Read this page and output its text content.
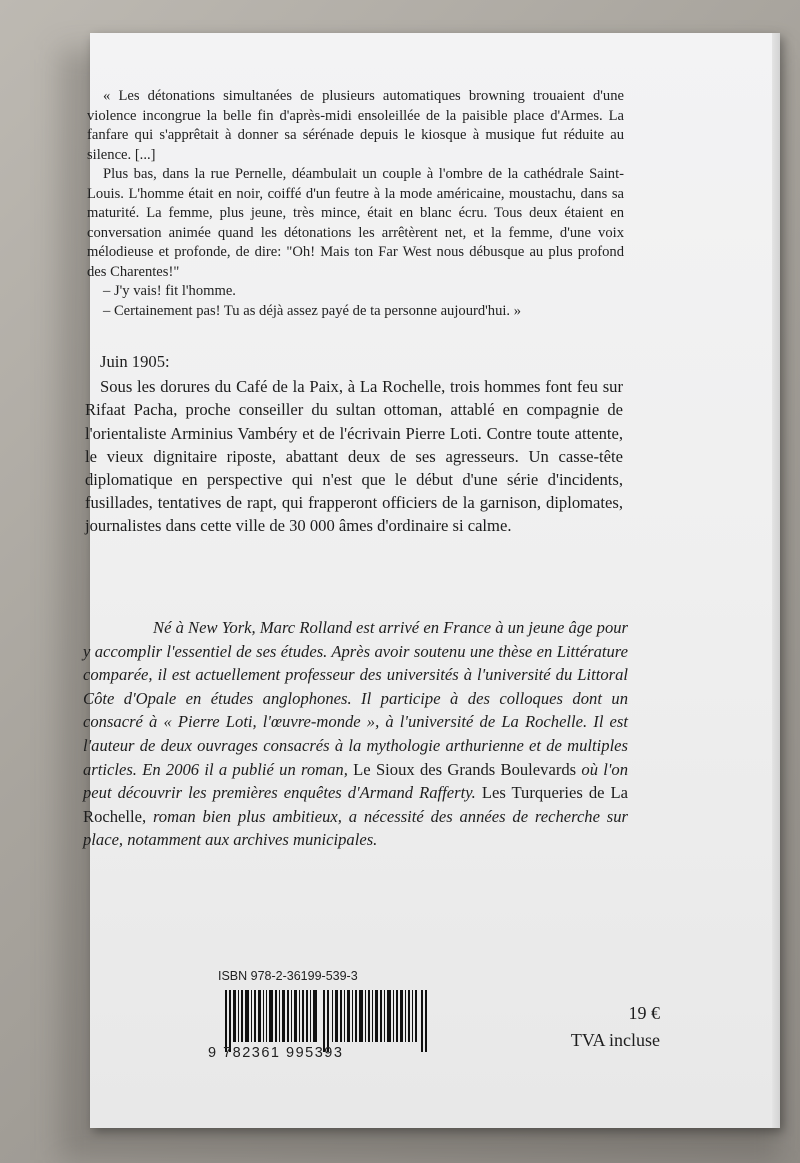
« Les détonations simultanées de plusieurs automatiques browning trouaient d'une violence incongrue la belle fin d'après-midi ensoleillée de la paisible place d'Armes. La fanfare qui s'apprêtait à donner sa sérénade depuis le kiosque à musique fut réduite au silence. [...]

Plus bas, dans la rue Pernelle, déambulait un couple à l'ombre de la cathédrale Saint-Louis. L'homme était en noir, coiffé d'un feutre à la mode américaine, moustachu, dans sa maturité. La femme, plus jeune, très mince, était en blanc écru. Tous deux étaient en conversation animée quand les détonations les arrêtèrent net, et la femme, d'une voix mélodieuse et profonde, de dire: "Oh! Mais ton Far West nous débusque au plus profond des Charentes!"

– J'y vais! fit l'homme.

– Certainement pas! Tu as déjà assez payé de ta personne aujourd'hui. »

Juin 1905:

Sous les dorures du Café de la Paix, à La Rochelle, trois hommes font feu sur Rifaat Pacha, proche conseiller du sultan ottoman, attablé en compagnie de l'orientaliste Arminius Vambéry et de l'écrivain Pierre Loti. Contre toute attente, le vieux dignitaire riposte, abattant deux de ses agresseurs. Un casse-tête diplomatique en perspective qui n'est que le début d'une série d'incidents, fusillades, tentatives de rapt, qui frapperont officiers de la garnison, diplomates, journalistes dans cette ville de 30 000 âmes d'ordinaire si calme.

Né à New York, Marc Rolland est arrivé en France à un jeune âge pour y accomplir l'essentiel de ses études. Après avoir soutenu une thèse en Littérature comparée, il est actuellement professeur des universités à l'université du Littoral Côte d'Opale en études anglophones. Il participe à des colloques dont un consacré à « Pierre Loti, l'œuvre-monde », à l'université de La Rochelle. Il est l'auteur de deux ouvrages consacrés à la mythologie arthurienne et de multiples articles. En 2006 il a publié un roman, Le Sioux des Grands Boulevards où l'on peut découvrir les premières enquêtes d'Armand Rafferty. Les Turqueries de La Rochelle, roman bien plus ambitieux, a nécessité des années de recherche sur place, notamment aux archives municipales.
ISBN 978-2-36199-539-3
9 782361 995393
19 €
TVA incluse
